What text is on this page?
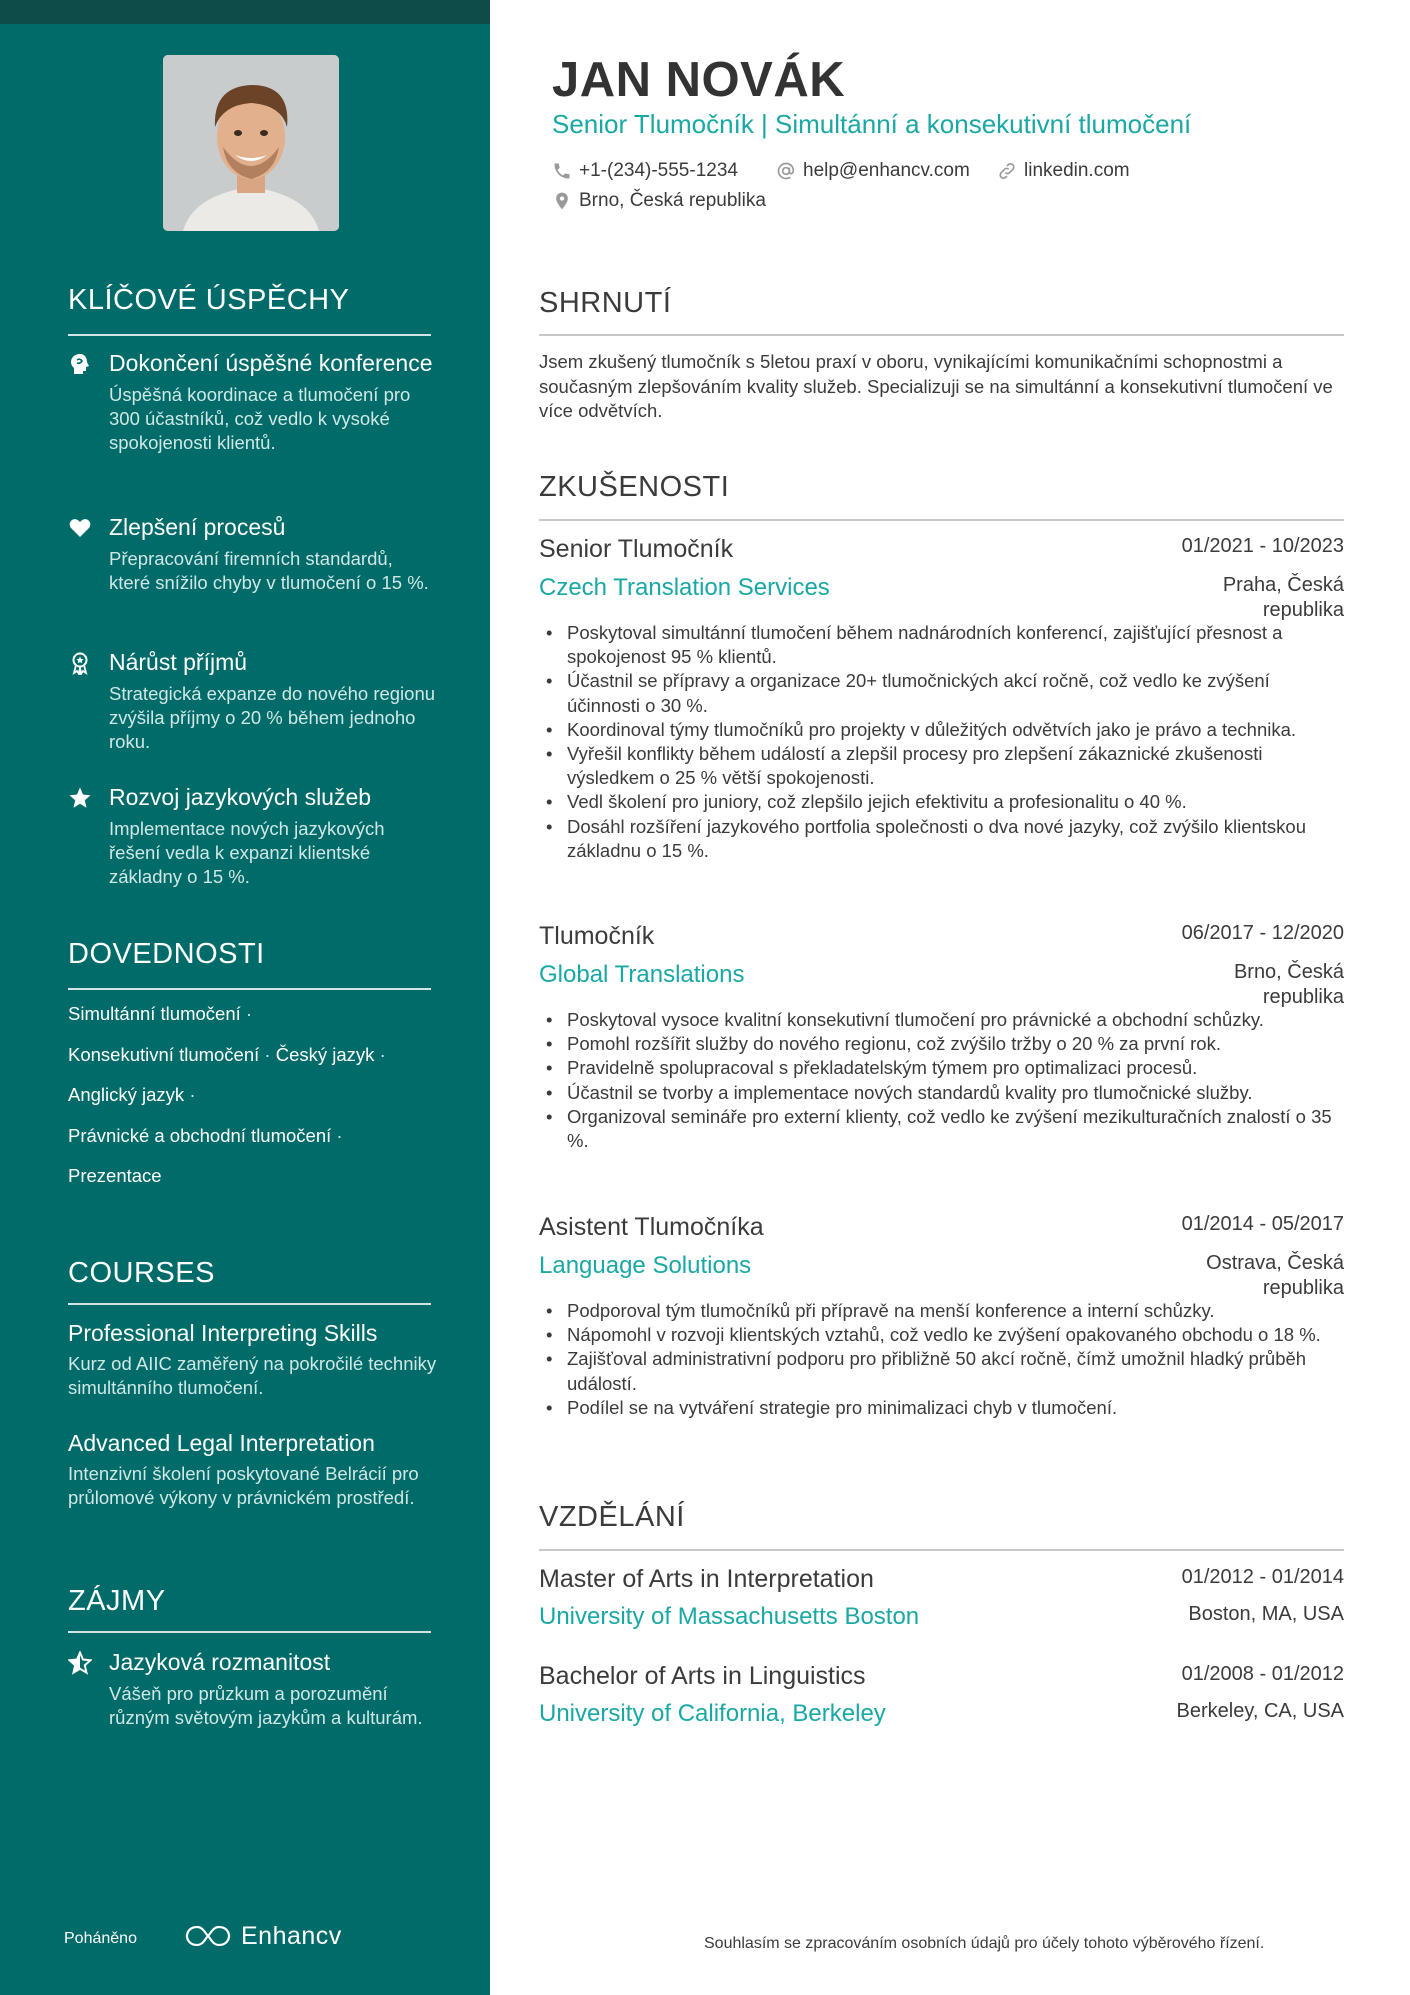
KLÍČOVÉ ÚSPĚCHY
Dokončení úspěšné konference
Úspěšná koordinace a tlumočení pro 300 účastníků, což vedlo k vysoké spokojenosti klientů.
Zlepšení procesů
Přepracování firemních standardů, které snížilo chyby v tlumočení o 15 %.
Nárůst příjmů
Strategická expanze do nového regionu zvýšila příjmy o 20 % během jednoho roku.
Rozvoj jazykových služeb
Implementace nových jazykových řešení vedla k expanzi klientské základny o 15 %.
DOVEDNOSTI
Simultánní tlumočení ·
Konsekutivní tlumočení · Český jazyk ·
Anglický jazyk ·
Právnické a obchodní tlumočení ·
Prezentace
COURSES
Professional Interpreting Skills
Kurz od AIIC zaměřený na pokročilé techniky simultánního tlumočení.
Advanced Legal Interpretation
Intenzivní školení poskytované Belrácií pro průlomové výkony v právnickém prostředí.
ZÁJMY
Jazyková rozmanitost
Vášeň pro průzkum a porozumění různým světovým jazykům a kulturám.
Poháněno	Enhancv
JAN NOVÁK
Senior Tlumočník | Simultánní a konsekutivní tlumočení
+1-(234)-555-1234	help@enhancv.com	linkedin.com
Brno, Česká republika
SHRNUTÍ
Jsem zkušený tlumočník s 5letou praxí v oboru, vynikajícími komunikačními schopnostmi a současným zlepšováním kvality služeb. Specializuji se na simultánní a konsekutivní tlumočení ve více odvětvích.
ZKUŠENOSTI
Senior Tlumočník	01/2021 - 10/2023
Czech Translation Services	Praha, Česká republika
• Poskytoval simultánní tlumočení během nadnárodních konferencí, zajišťující přesnost a spokojenost 95 % klientů.
• Účastnil se přípravy a organizace 20+ tlumočnických akcí ročně, což vedlo ke zvýšení účinnosti o 30 %.
• Koordinoval týmy tlumočníků pro projekty v důležitých odvětvích jako je právo a technika.
• Vyřešil konflikty během událostí a zlepšil procesy pro zlepšení zákaznické zkušenosti výsledkem o 25 % větší spokojenosti.
• Vedl školení pro juniory, což zlepšilo jejich efektivitu a profesionalitu o 40 %.
• Dosáhl rozšíření jazykového portfolia společnosti o dva nové jazyky, což zvýšilo klientskou základnu o 15 %.
Tlumočník	06/2017 - 12/2020
Global Translations	Brno, Česká republika
• Poskytoval vysoce kvalitní konsekutivní tlumočení pro právnické a obchodní schůzky.
• Pomohl rozšířit služby do nového regionu, což zvýšilo tržby o 20 % za první rok.
• Pravidelně spolupracoval s překladatelským týmem pro optimalizaci procesů.
• Účastnil se tvorby a implementace nových standardů kvality pro tlumočnické služby.
• Organizoval semináře pro externí klienty, což vedlo ke zvýšení mezikulturačních znalostí o 35 %.
Asistent Tlumočníka	01/2014 - 05/2017
Language Solutions	Ostrava, Česká republika
• Podporoval tým tlumočníků při přípravě na menší konference a interní schůzky.
• Nápomohl v rozvoji klientských vztahů, což vedlo ke zvýšení opakovaného obchodu o 18 %.
• Zajišťoval administrativní podporu pro přibližně 50 akcí ročně, čímž umožnil hladký průběh událostí.
• Podílel se na vytváření strategie pro minimalizaci chyb v tlumočení.
VZDĚLÁNÍ
Master of Arts in Interpretation	01/2012 - 01/2014
University of Massachusetts Boston	Boston, MA, USA
Bachelor of Arts in Linguistics	01/2008 - 01/2012
University of California, Berkeley	Berkeley, CA, USA
Souhlasím se zpracováním osobních údajů pro účely tohoto výběrového řízení.
